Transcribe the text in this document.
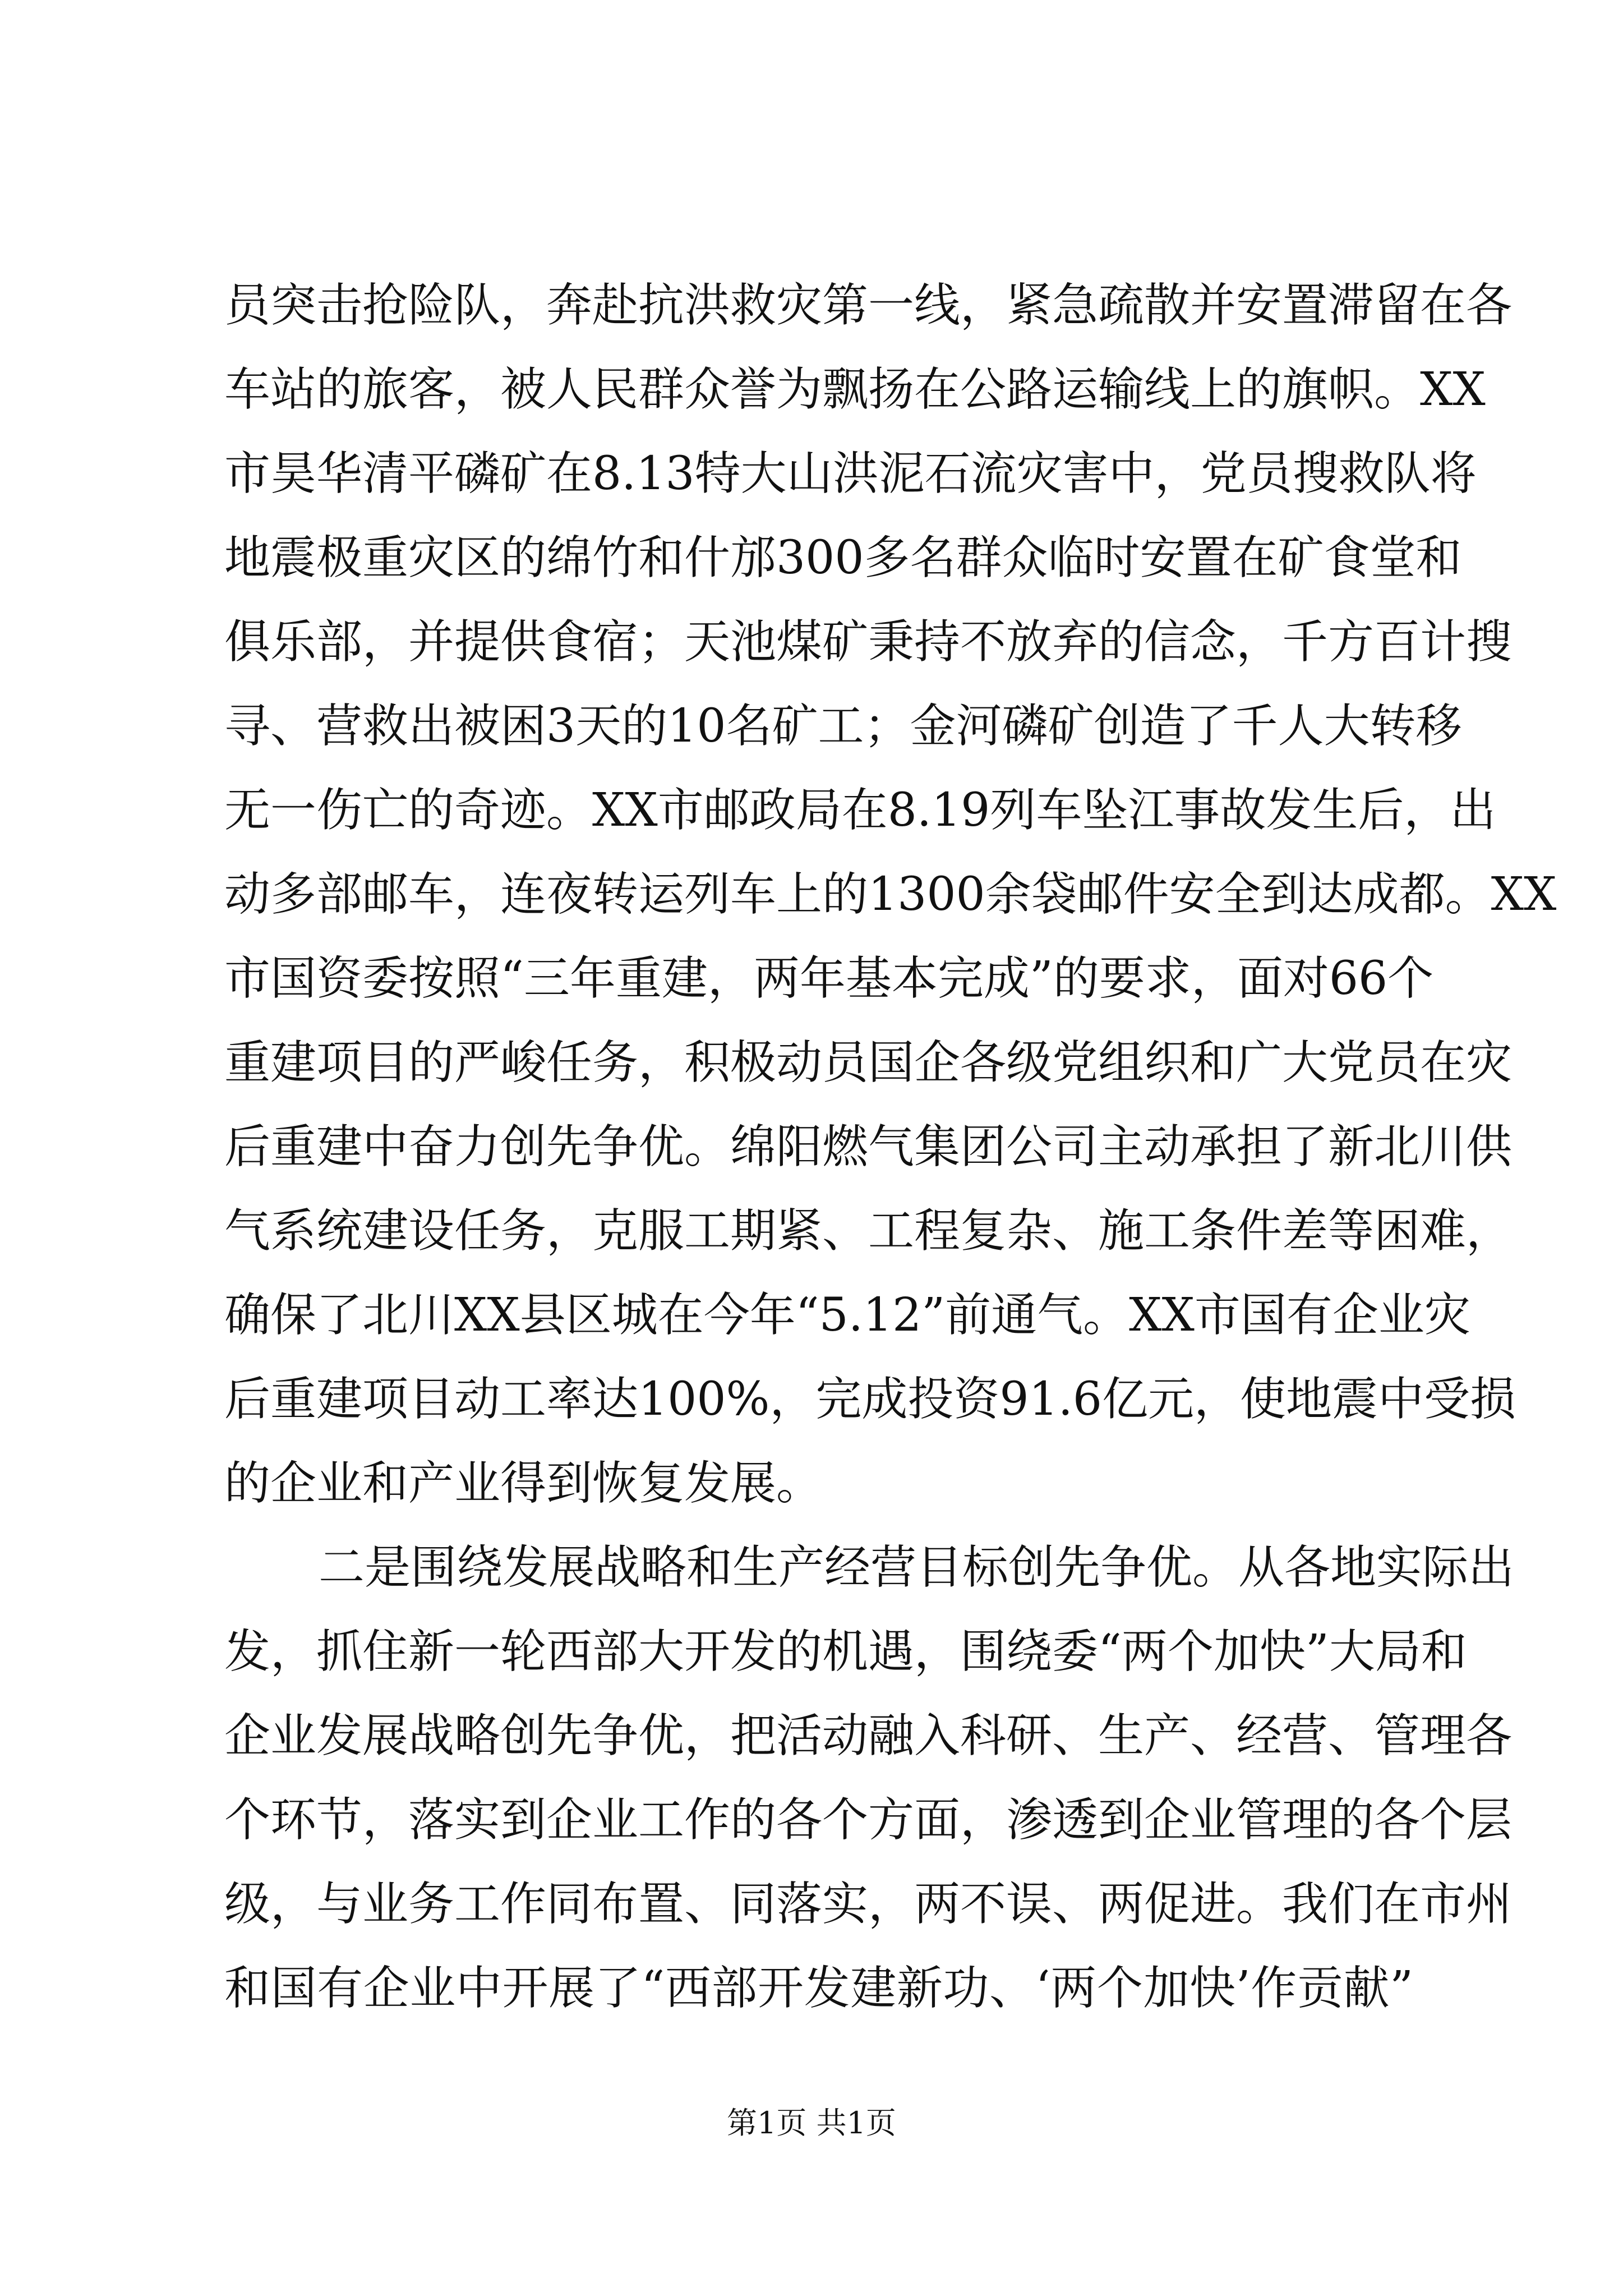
员突击抢险队，奔赴抗洪救灾第一线，紧急疏散并安置滞留在各
车站的旅客，被人民群众誉为飘扬在公路运输线上的旗帜。XX
市昊华清平磷矿在8.13特大山洪泥石流灾害中，党员搜救队将
地震极重灾区的绵竹和什邡300多名群众临时安置在矿食堂和
俱乐部，并提供食宿；天池煤矿秉持不放弃的信念，千方百计搜
寻、营救出被困3天的10名矿工；金河磷矿创造了千人大转移
无一伤亡的奇迹。XX市邮政局在8.19列车坠江事故发生后，出
动多部邮车，连夜转运列车上的1300余袋邮件安全到达成都。XX
市国资委按照“三年重建，两年基本完成”的要求，面对66个
重建项目的严峻任务，积极动员国企各级党组织和广大党员在灾
后重建中奋力创先争优。绵阳燃气集团公司主动承担了新北川供
气系统建设任务，克服工期紧、工程复杂、施工条件差等困难，
确保了北川XX县区城在今年“5.12”前通气。XX市国有企业灾
后重建项目动工率达100%，完成投资91.6亿元，使地震中受损
的企业和产业得到恢复发展。
二是围绕发展战略和生产经营目标创先争优。从各地实际出
发，抓住新一轮西部大开发的机遇，围绕委“两个加快”大局和
企业发展战略创先争优，把活动融入科研、生产、经营、管理各
个环节，落实到企业工作的各个方面，渗透到企业管理的各个层
级，与业务工作同布置、同落实，两不误、两促进。我们在市州
和国有企业中开展了“西部开发建新功、‘两个加快’作贡献”
第1页 共1页
